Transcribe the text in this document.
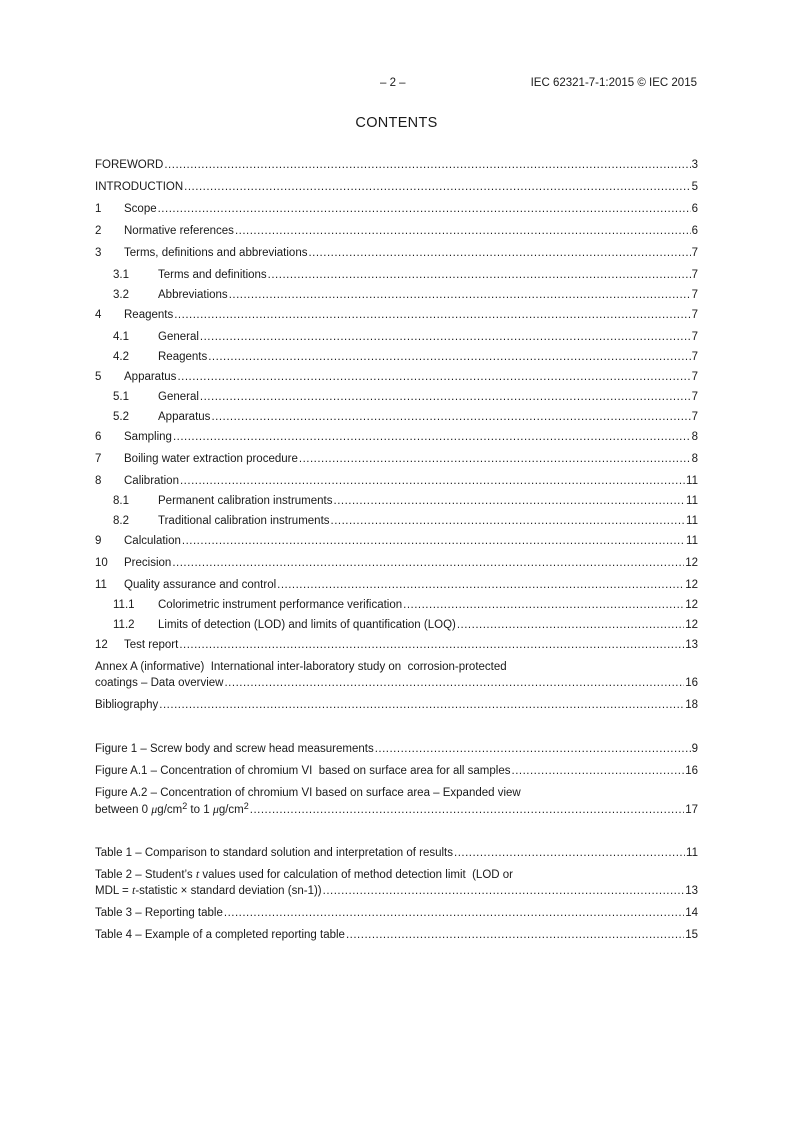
– 2 –	IEC 62321-7-1:2015 © IEC 2015
CONTENTS
FOREWORD .....	3
INTRODUCTION .....	5
1	Scope .....	6
2	Normative references .....	6
3	Terms, definitions and abbreviations .....	7
3.1	Terms and definitions .....	7
3.2	Abbreviations .....	7
4	Reagents .....	7
4.1	General .....	7
4.2	Reagents .....	7
5	Apparatus .....	7
5.1	General .....	7
5.2	Apparatus .....	7
6	Sampling .....	8
7	Boiling water extraction procedure .....	8
8	Calibration .....	11
8.1	Permanent calibration instruments .....	11
8.2	Traditional calibration instruments .....	11
9	Calculation .....	11
10	Precision .....	12
11	Quality assurance and control .....	12
11.1	Colorimetric instrument performance verification .....	12
11.2	Limits of detection (LOD) and limits of quantification (LOQ) .....	12
12	Test report .....	13
Annex A (informative)  International inter-laboratory study on  corrosion-protected
coatings – Data overview .....	16
Bibliography .....	18
Figure 1 – Screw body and screw head measurements .....	9
Figure A.1 – Concentration of chromium VI  based on surface area for all samples .....	16
Figure A.2 – Concentration of chromium VI based on surface area – Expanded view
between 0 $\mu g/cm^2$ to 1 $\mu g/cm^2$ .....	17
Table 1 – Comparison to standard solution and interpretation of results .....	11
Table 2 – Student’s t values used for calculation of method detection limit  (LOD or
MDL = t-statistic × standard deviation (sn-1)) .....	13
Table 3 – Reporting table .....	14
Table 4 – Example of a completed reporting table .....	15
